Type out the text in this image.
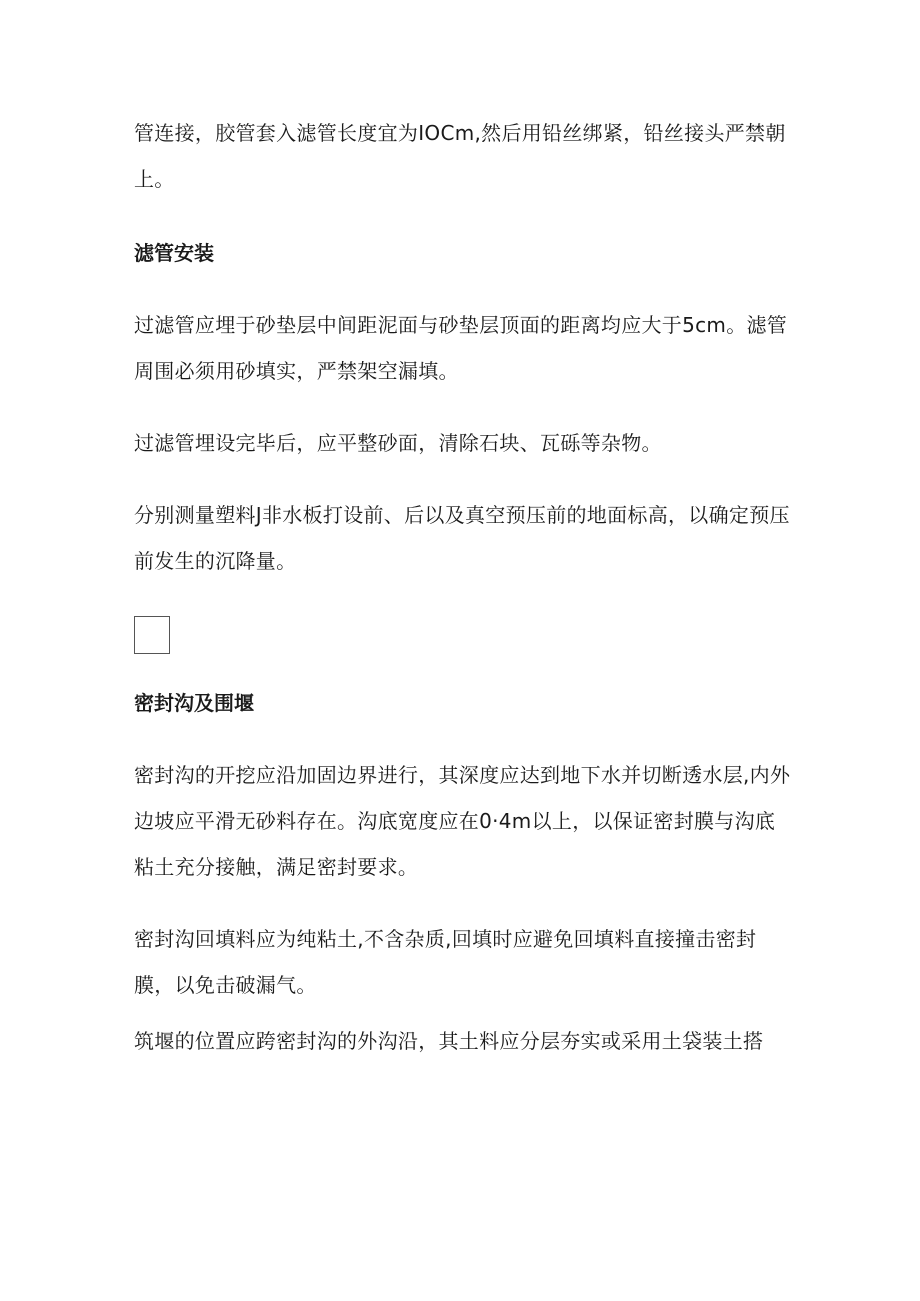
管连接，胶管套入滤管长度宜为IOCm,然后用铅丝绑紧，铅丝接头严禁朝上。

滤管安装

过滤管应埋于砂垫层中间距泥面与砂垫层顶面的距离均应大于5cm。滤管周围必须用砂填实，严禁架空漏填。

过滤管埋设完毕后，应平整砂面，清除石块、瓦砾等杂物。

分别测量塑料J非水板打设前、后以及真空预压前的地面标高，以确定预压前发生的沉降量。

密封沟及围堰

密封沟的开挖应沿加固边界进行，其深度应达到地下水并切断透水层,内外边坡应平滑无砂料存在。沟底宽度应在0·4m以上，以保证密封膜与沟底粘土充分接触，满足密封要求。

密封沟回填料应为纯粘土,不含杂质,回填时应避免回填料直接撞击密封膜，以免击破漏气。

筑堰的位置应跨密封沟的外沟沿，其土料应分层夯实或采用土袋装土搭
